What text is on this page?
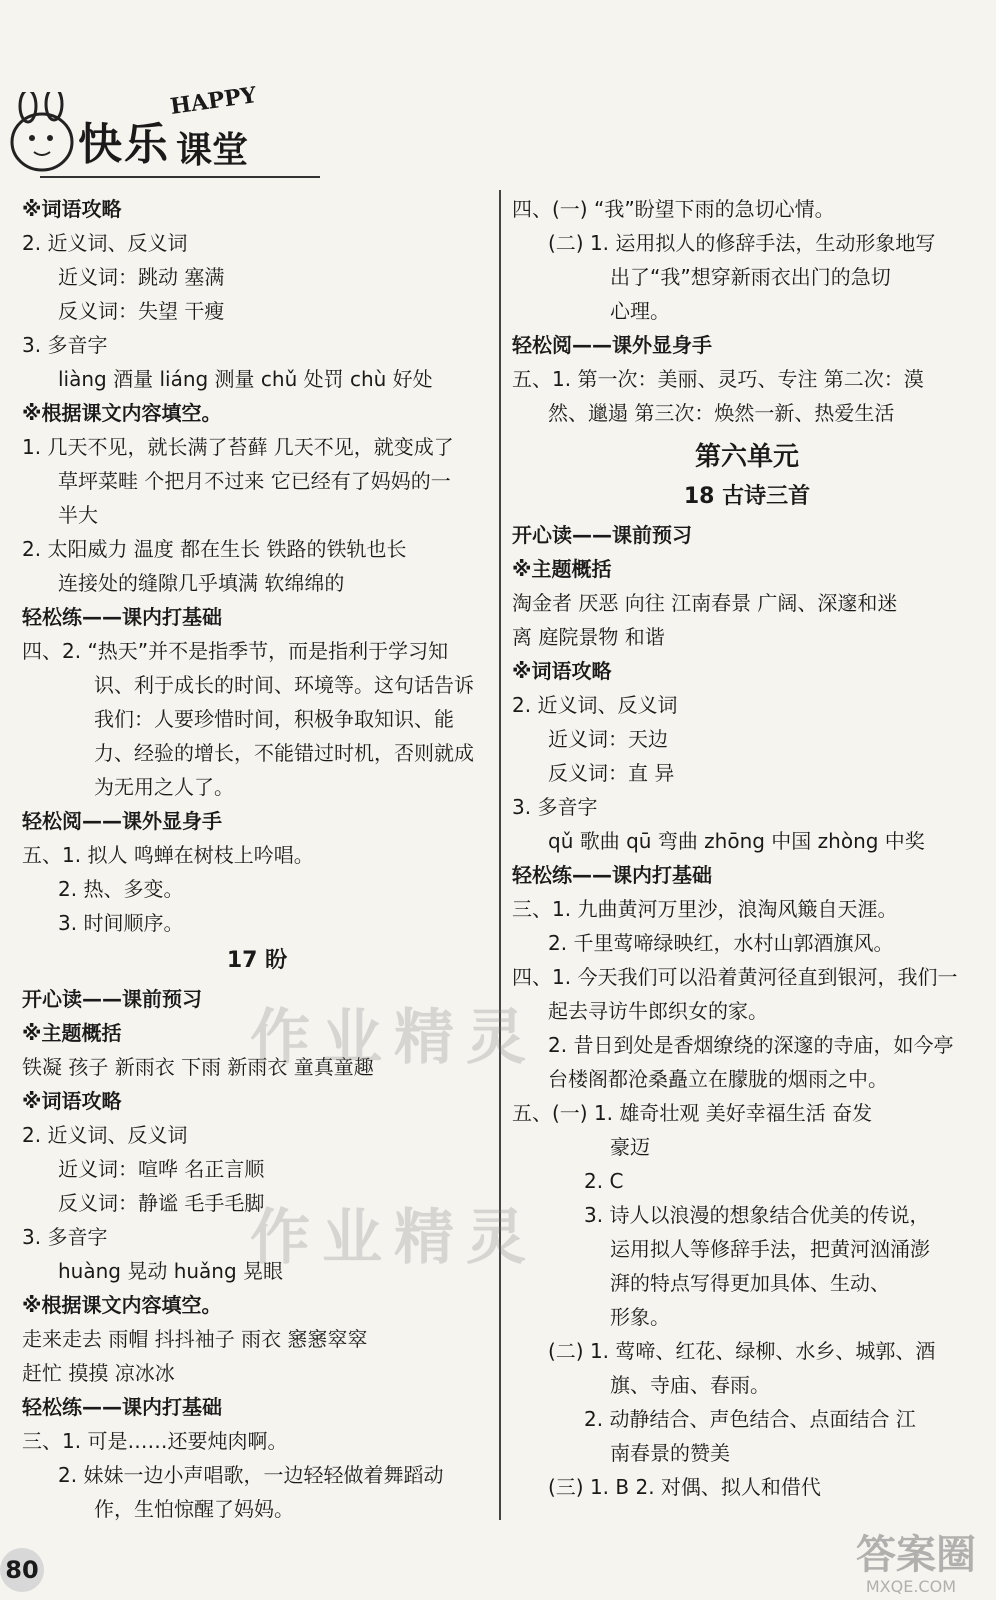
快乐
HAPPY
课堂
※词语攻略
2. 近义词、反义词
近义词：跳动 塞满
反义词：失望 干瘦
3. 多音字
liàng 酒量 liáng 测量 chǔ 处罚 chù 好处
※根据课文内容填空。
1. 几天不见，就长满了苔藓 几天不见，就变成了
草坪菜畦 个把月不过来 它已经有了妈妈的一
半大
2. 太阳威力 温度 都在生长 铁路的铁轨也长
连接处的缝隙几乎填满 软绵绵的
轻松练——课内打基础
四、2. “热天”并不是指季节，而是指利于学习知
识、利于成长的时间、环境等。这句话告诉
我们：人要珍惜时间，积极争取知识、能
力、经验的增长，不能错过时机，否则就成
为无用之人了。
轻松阅——课外显身手
五、1. 拟人 鸣蝉在树枝上吟唱。
2. 热、多变。
3. 时间顺序。
17 盼
开心读——课前预习
※主题概括
铁凝 孩子 新雨衣 下雨 新雨衣 童真童趣
※词语攻略
2. 近义词、反义词
近义词：喧哗 名正言顺
反义词：静谧 毛手毛脚
3. 多音字
huàng 晃动 huǎng 晃眼
※根据课文内容填空。
走来走去 雨帽 抖抖袖子 雨衣 窸窸窣窣
赶忙 摸摸 凉冰冰
轻松练——课内打基础
三、1. 可是……还要炖肉啊。
2. 妹妹一边小声唱歌，一边轻轻做着舞蹈动
作，生怕惊醒了妈妈。
四、(一) “我”盼望下雨的急切心情。
(二) 1. 运用拟人的修辞手法，生动形象地写
出了“我”想穿新雨衣出门的急切
心理。
轻松阅——课外显身手
五、1. 第一次：美丽、灵巧、专注 第二次：漠
然、邋遢 第三次：焕然一新、热爱生活
第六单元
18 古诗三首
开心读——课前预习
※主题概括
淘金者 厌恶 向往 江南春景 广阔、深邃和迷
离 庭院景物 和谐
※词语攻略
2. 近义词、反义词
近义词：天边
反义词：直 异
3. 多音字
qǔ 歌曲 qū 弯曲 zhōng 中国 zhòng 中奖
轻松练——课内打基础
三、1. 九曲黄河万里沙，浪淘风簸自天涯。
2. 千里莺啼绿映红，水村山郭酒旗风。
四、1. 今天我们可以沿着黄河径直到银河，我们一
起去寻访牛郎织女的家。
2. 昔日到处是香烟缭绕的深邃的寺庙，如今亭
台楼阁都沧桑矗立在朦胧的烟雨之中。
五、(一) 1. 雄奇壮观 美好幸福生活 奋发
豪迈
2. C
3. 诗人以浪漫的想象结合优美的传说，
运用拟人等修辞手法，把黄河汹涌澎
湃的特点写得更加具体、生动、
形象。
(二) 1. 莺啼、红花、绿柳、水乡、城郭、酒
旗、寺庙、春雨。
2. 动静结合、声色结合、点面结合 江
南春景的赞美
(三) 1. B 2. 对偶、拟人和借代
作业精灵
作业精灵
答案圈
MXQE.COM
80
